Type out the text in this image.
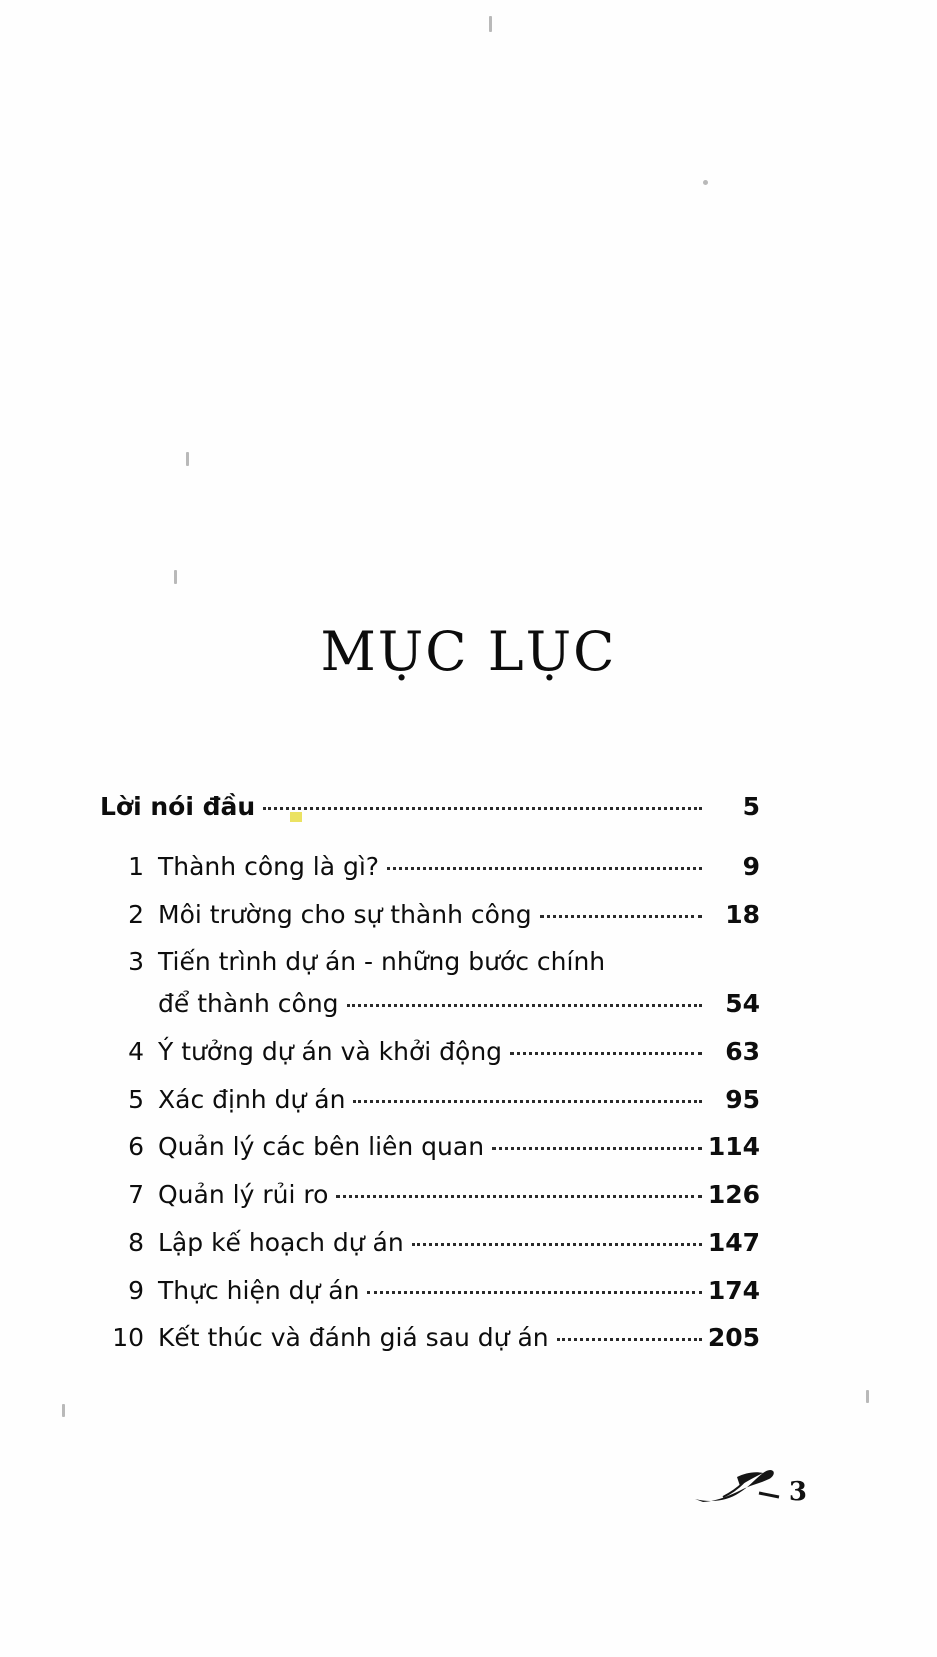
MỤC LỤC
Lời nói đầu	5
1 Thành công là gì?	9
2 Môi trường cho sự thành công	18
3 Tiến trình dự án - những bước chính
để thành công	54
4 Ý tưởng dự án và khởi động	63
5 Xác định dự án	95
6 Quản lý các bên liên quan	114
7 Quản lý rủi ro	126
8 Lập kế hoạch dự án	147
9 Thực hiện dự án	174
10 Kết thúc và đánh giá sau dự án	205
3
